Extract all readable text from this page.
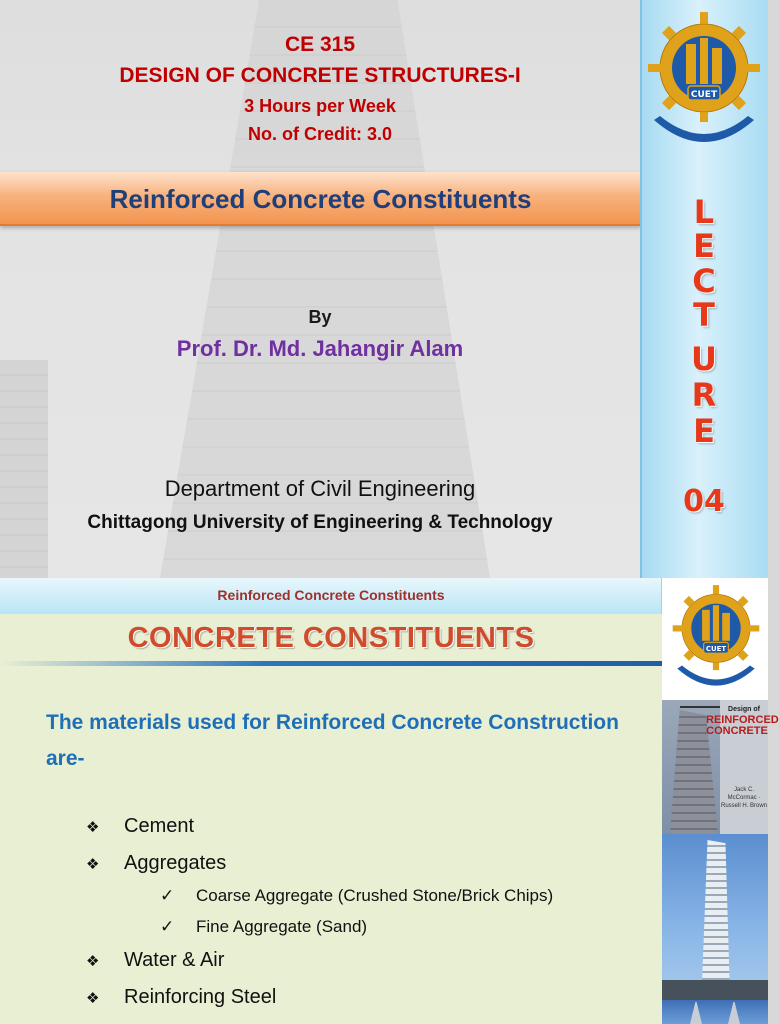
CE 315
DESIGN OF CONCRETE STRUCTURES-I
3 Hours per Week
No. of Credit: 3.0
Reinforced Concrete Constituents
By
Prof. Dr. Md. Jahangir Alam
Department of Civil Engineering
Chittagong University of Engineering & Technology
CUET
L
E
C
T
U
R
E
04
Reinforced Concrete Constituents
CONCRETE CONSTITUENTS	CUET
The materials used for Reinforced Concrete Construction
are-
❖	Cement
❖	Aggregates
✓	Coarse Aggregate (Crushed Stone/Brick Chips)
✓	Fine Aggregate (Sand)
❖	Water & Air
❖	Reinforcing Steel
Design of
REINFORCED
CONCRETE
Jack C. McCormac · Russell H. Brown
